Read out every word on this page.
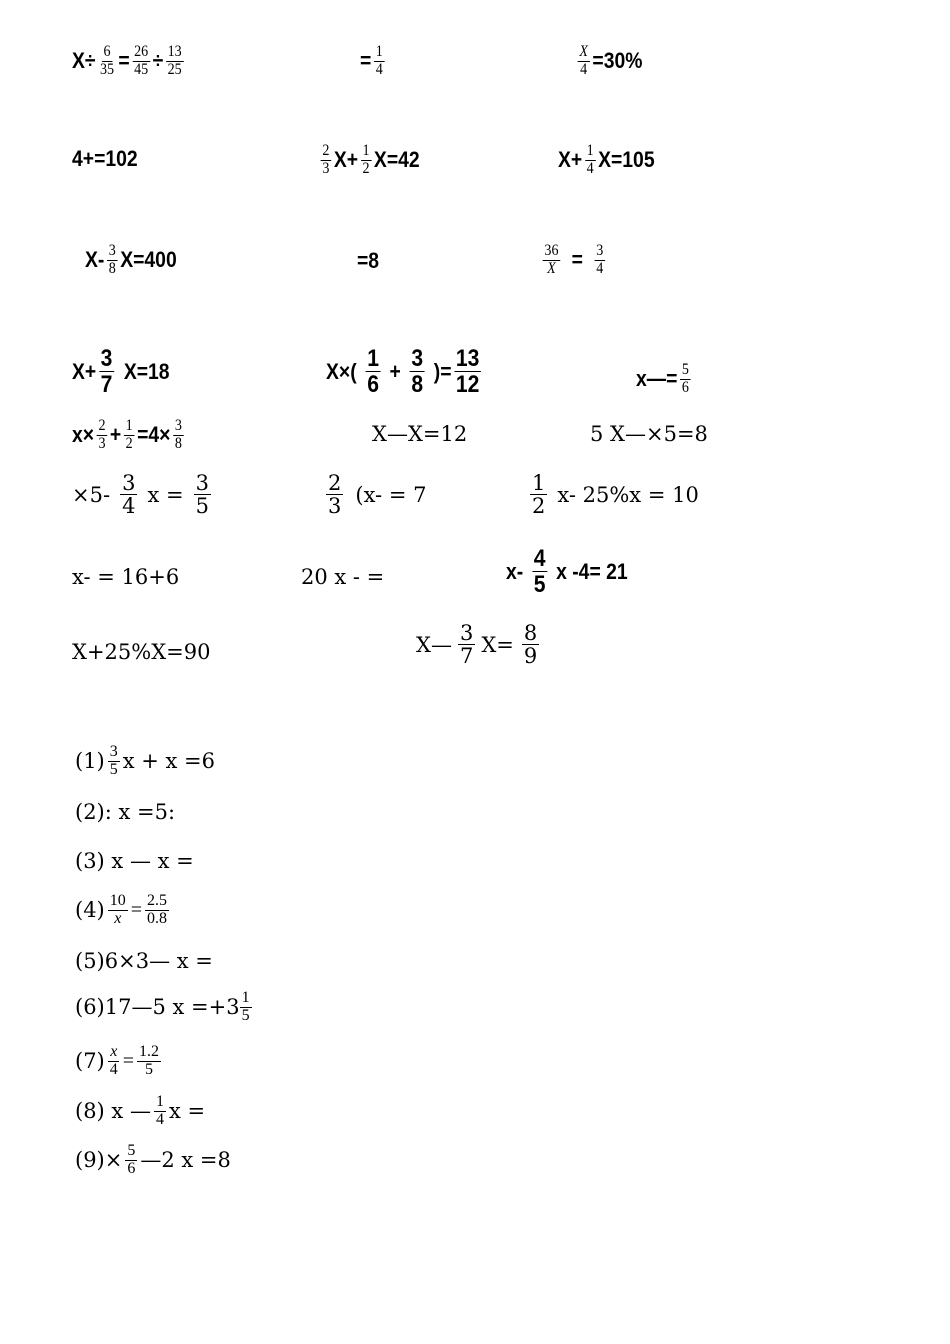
$X\div \frac{6}{35} = \frac{26}{45} \div \frac{13}{25}$	= $\frac{1}{4}$	$\frac{X}{4} =30\%$
4+=102	$\frac{2}{3} X+ \frac{1}{2} X=42$	$X+ \frac{1}{4} X=105$
$X- \frac{3}{8} X=400$	=8	$\frac{36}{X} = \frac{3}{4}$
$X+ \frac{3}{7} X=18$	$X\times( \frac{1}{6} + \frac{3}{8}$ )= $\frac{13}{12}$	x—= $\frac{5}{6}$
$x\times \frac{2}{3} + \frac{1}{2} =4\times \frac{3}{8}$	X—X=12	5 X—×5=8
$\times 5- \frac{3}{4}$ $x = \frac{3}{5}$	$\frac{2}{3} (x- = 7$	$\frac{1}{2} x-$ 25%x = 10
x- = 16+6	20 x - =	$x- \frac{4}{5}$ x -4= 21
X+25%X=90	X— $\frac{3}{7} X= \frac{8}{9}$
$(1) \frac{3}{5}$ x + x =6
(2): x =5:
(3) x — x =
$(4) \frac{10}{x} = \frac{2.5}{0.8}$
(5)6×3— x =
(6)17—5 $x =+3 \frac{1}{5}$
$(7) \frac{x}{4} = \frac{1.2}{5}$
(8) x — $\frac{1}{4}$ x =
$(9)\times \frac{5}{6}$ —2 x =8
